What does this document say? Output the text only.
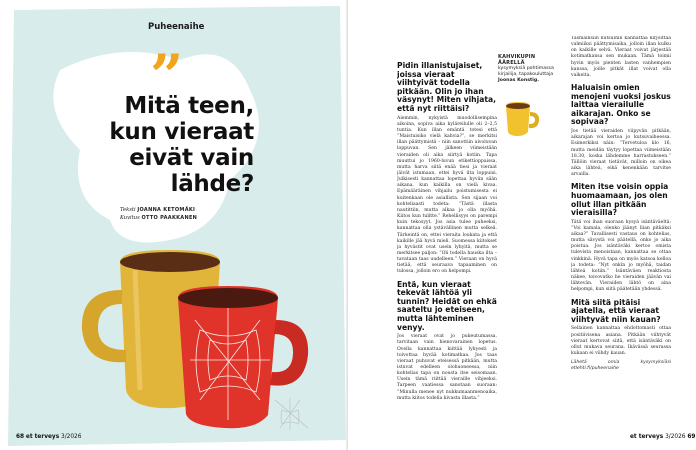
Puheenaihe
”
Mitä teen,
kun vieraat
eivät vain
lähde?
Teksti JOANNA KETOMÄKI
Kuvitus OTTO PAAKKANEN
68 et terveys 3/2026	et terveys 3/2026 69

Pidin illanistujaiset, joissa vieraat viihtyivät todella pitkään. Olin jo ihan väsynyt! Miten vihjata, että nyt riittäisi?

Aiemmin, nykyistä muodollisempina aikoina, sopiva aika kyläreilulle oli 2–2,5 tuntia. Kun illan emäntä totesi että “Maistuisiko vielä kahvia?”, se merkitsi illan päättymistä – niin sanottiin aivoluvan loppuvan. Sen jälkeen viimeistään vieraiden oli aika siirtyä kotiin. Tapa muuttui jo 1960-luvun etikettioppaissa, mutta harva siitä enää tiesi ja vieraat jäivät istumaan, ettei hyvä ilta loppuisi. Julkisesti kannattaa lopettaa hyvän sään aikana, kun kaikilla on vielä kivaa. Epämääräinen vihjailu poistumisesta ei kuitenkaan ole asiallista. Sen sijaan voi kohteliaasti todeta: “Tästä illasta nautittiin, mutta alkaa jo olla myöhä. Kiitos kun tulitte.” Rehellisyys on parempi kuin tekosyyt. Jos asia tulee puheeksi, kannattaa olla ystävällinen mutta selkeä. Tärkeintä on, ettei vieraita loukata ja että kaikille jää hyvä mieli. Suomessa kiitokset ja hyvästit ovat usein lyhyitä, mutta se merkitsee paljon: “Oli todella hauska ilta – tavataan taas uudelleen.” Vieraan on hyvä tietää, että seuraava tapaaminen on tulossa, jolloin ero on helpompi.

Entä, kun vieraat tekevät lähtöä yli tunnin? Heidät on ehkä saateltu jo eteiseen, mutta lähteminen venyy.

Jos vieraat ovat jo pukeutumassa, tarvitaan vain hienovarainen lopetus. Ovella kannattaa kiittää lyhyesti ja toivottaa hyvää kotimatkaa. Jos taas vieraat puhuvat eteisessä pitkään, mutta istuvat edelleen olohuoneessa, niin kohtelias tapa on nousta itse seisomaan. Usein tämä riittää vieraille vihjeeksi. Tarpeen vaatiessa sanotaan suoraan: “Minulla menee nyt nukkumaanmenoaika, mutta kiitos todella kivasta illasta.”

KAHVIKUPIN ÄÄRELLÄ
kysymyksiä pohtimassa kirjailija, tapakouluttaja
Joonas Konstig.

Täsmällisiin kutsuihin kannattaa kirjoittaa valmiiksi päättymisaika, jolloin illan kulku on kaikille selvä. Vieraat voivat järjestää kotimatkansa sen mukaan. Tämä toimii hyvin myös pienten lasten vanhempien kanssa, joille pitkät illat voivat olla vaikeita.

Haluaisin omien menojeni vuoksi joskus laittaa vierailulle aikarajan. Onko se sopivaa?

Jos tietää vieraiden viipyvän pitkään, aikarajan voi kertoa jo kutsuvaiheessa. Esimerkiksi näin: “Tervetuloa klo 16, mutta meidän täytyy lopettaa viimeistään 18.30, koska lähdemme harrastukseen.” Tällöin vieraat tietävät, milloin on oikea aika lähteä, eikä kenenkään tarvitse arvailla.

Miten itse voisin oppia huomaamaan, jos olen ollut illan pitkään vieraisilla?

Tätä voi ihan suoraan kysyä isäntäväeltä: “Voi kamala, olenko jäänyt liian pitkäksi aikaa?” Tavallisesti vastaus on kohtelias, mutta sävystä voi päätellä, onko jo aika poistua. Jos isäntäväki kertoo omista tulevista menoistaan, kannattaa se ottaa vinkkinä. Hyvä tapa on myös katsoa kelloa ja todeta: “Nyt onkin jo myöhä, taidan lähteä kotiin.” Isäntäväen reaktiosta näkee, toivovatko he vieraiden jäävän vai lähtevän. Vieraiden lähtö on aina helpompi, kun siitä päätetään yhdessä.

Mitä siitä pitäisi ajatella, että vieraat viihtyvät niin kauan?

Sellainen kannattaa ehdottomasti ottaa positiivisena asiana. Pitkään viihtyvät vieraat kertovat siitä, että isäntäväki on ollut mukava seurana. Ikävässä seurassa kukaan ei viihdy kauan.

Lähetä omia kysymyksiäsi etlehti.fi/puheenaihe
